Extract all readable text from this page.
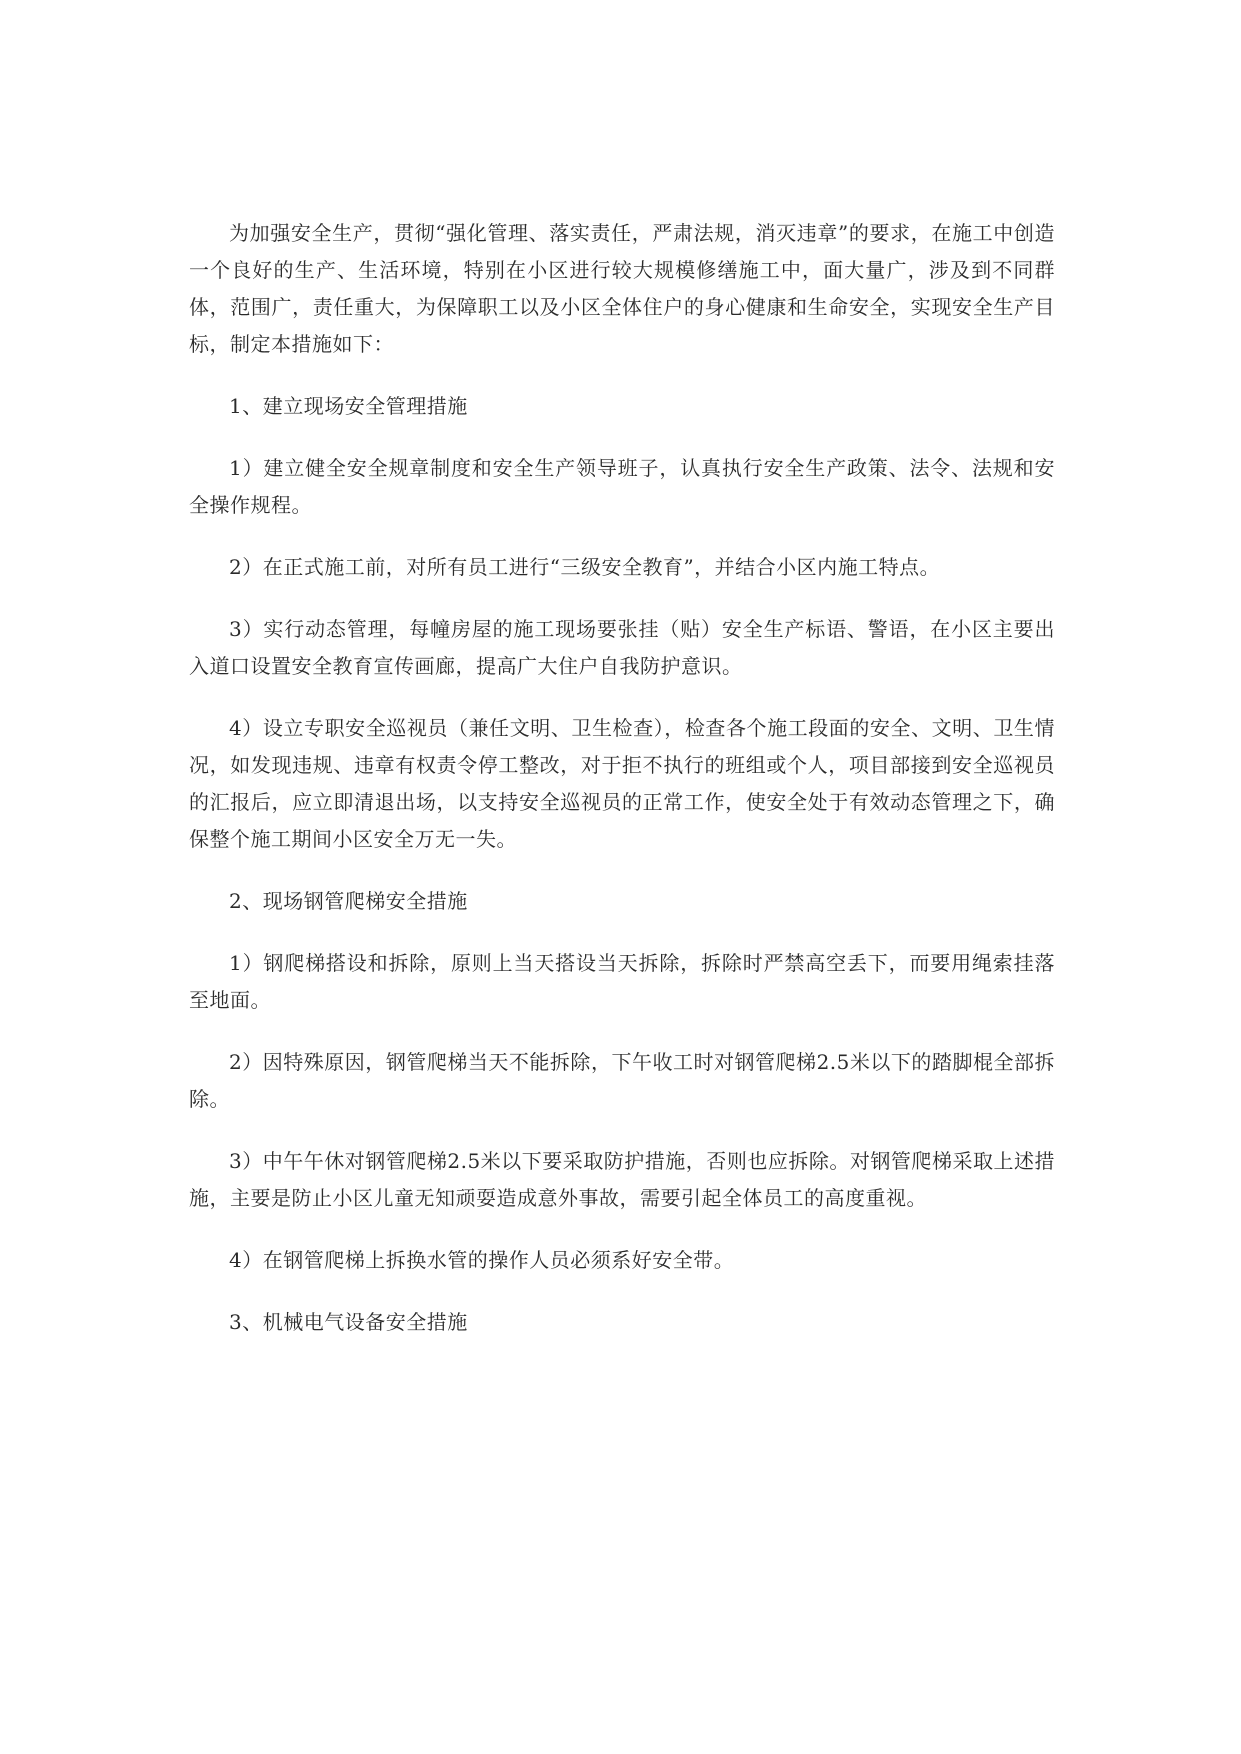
为加强安全生产，贯彻“强化管理、落实责任，严肃法规，消灭违章”的要求，在施工中创造一个良好的生产、生活环境，特别在小区进行较大规模修缮施工中，面大量广，涉及到不同群体，范围广，责任重大，为保障职工以及小区全体住户的身心健康和生命安全，实现安全生产目标，制定本措施如下：

1、建立现场安全管理措施

1）建立健全安全规章制度和安全生产领导班子，认真执行安全生产政策、法令、法规和安全操作规程。

2）在正式施工前，对所有员工进行“三级安全教育”，并结合小区内施工特点。

3）实行动态管理，每幢房屋的施工现场要张挂（贴）安全生产标语、警语，在小区主要出入道口设置安全教育宣传画廊，提高广大住户自我防护意识。

4）设立专职安全巡视员（兼任文明、卫生检查），检查各个施工段面的安全、文明、卫生情况，如发现违规、违章有权责令停工整改，对于拒不执行的班组或个人，项目部接到安全巡视员的汇报后，应立即清退出场，以支持安全巡视员的正常工作，使安全处于有效动态管理之下，确保整个施工期间小区安全万无一失。

2、现场钢管爬梯安全措施

1）钢爬梯搭设和拆除，原则上当天搭设当天拆除，拆除时严禁高空丢下，而要用绳索挂落至地面。

2）因特殊原因，钢管爬梯当天不能拆除，下午收工时对钢管爬梯2.5米以下的踏脚棍全部拆除。

3）中午午休对钢管爬梯2.5米以下要采取防护措施，否则也应拆除。对钢管爬梯采取上述措施，主要是防止小区儿童无知顽耍造成意外事故，需要引起全体员工的高度重视。

4）在钢管爬梯上拆换水管的操作人员必须系好安全带。

3、机械电气设备安全措施
